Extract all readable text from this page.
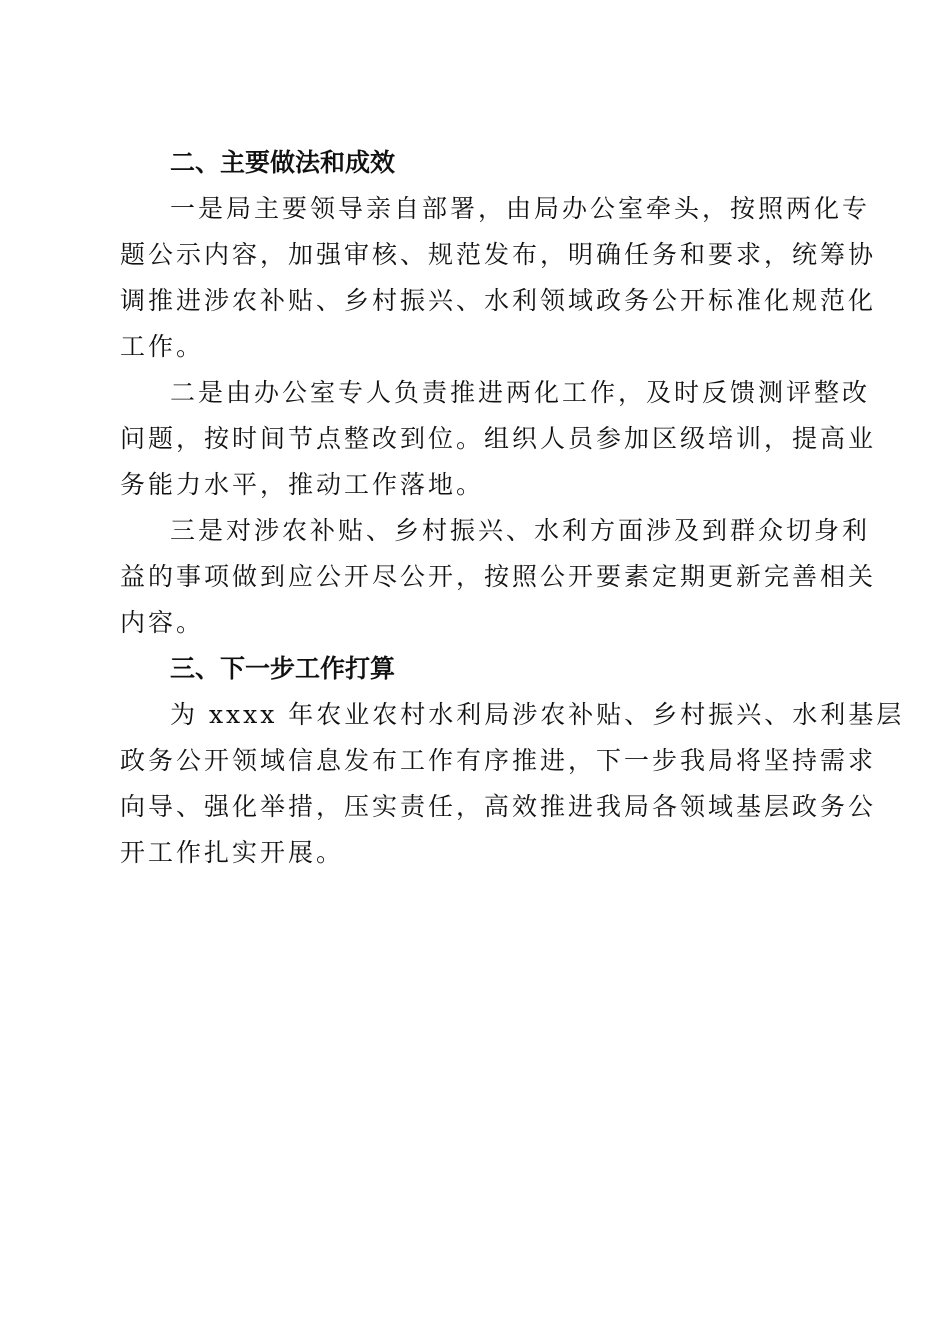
二、主要做法和成效
一是局主要领导亲自部署，由局办公室牵头，按照两化专
题公示内容，加强审核、规范发布，明确任务和要求，统筹协
调推进涉农补贴、乡村振兴、水利领域政务公开标准化规范化
工作。
二是由办公室专人负责推进两化工作，及时反馈测评整改
问题，按时间节点整改到位。组织人员参加区级培训，提高业
务能力水平，推动工作落地。
三是对涉农补贴、乡村振兴、水利方面涉及到群众切身利
益的事项做到应公开尽公开，按照公开要素定期更新完善相关
内容。
三、下一步工作打算
为 xxxx 年农业农村水利局涉农补贴、乡村振兴、水利基层
政务公开领域信息发布工作有序推进，下一步我局将坚持需求
向导、强化举措，压实责任，高效推进我局各领域基层政务公
开工作扎实开展。
